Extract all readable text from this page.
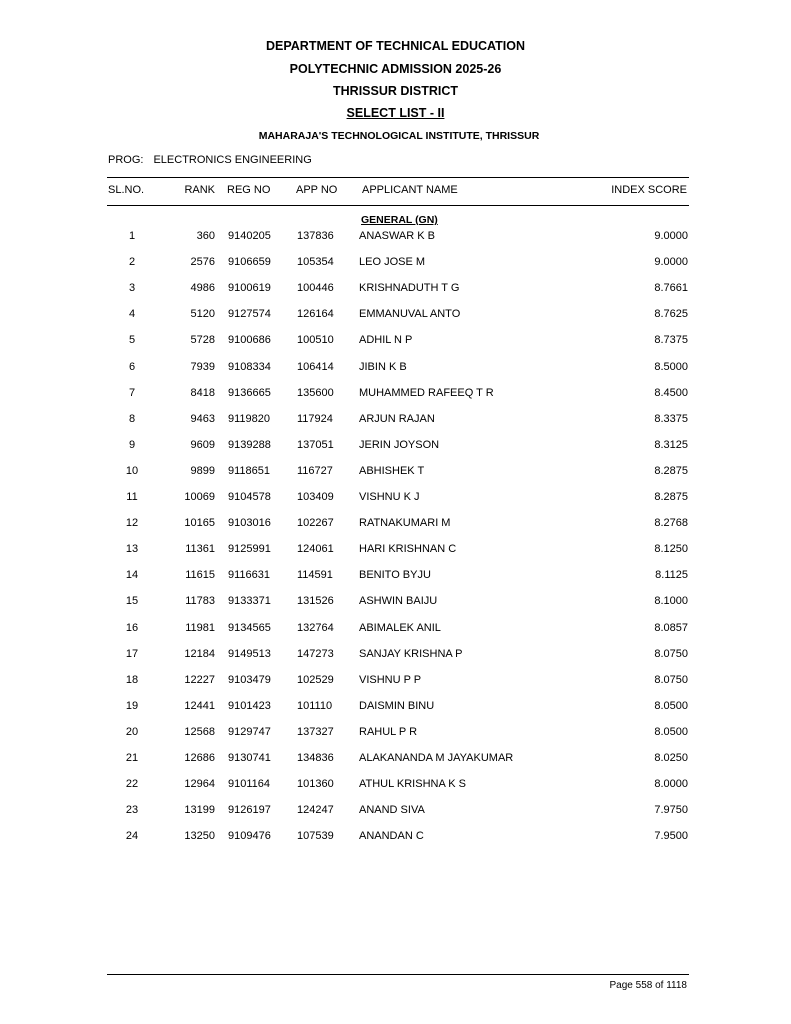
DEPARTMENT OF TECHNICAL EDUCATION
POLYTECHNIC ADMISSION 2025-26
THRISSUR DISTRICT
SELECT LIST - II
MAHARAJA'S TECHNOLOGICAL INSTITUTE, THRISSUR
PROG: ELECTRONICS ENGINEERING
SL.NO.	RANK REG NO APP NO APPLICANT NAME	INDEX SCORE
GENERAL (GN)
1	360 9140205 137836 ANASWAR K B	9.0000
2	2576 9106659 105354 LEO JOSE M	9.0000
3	4986 9100619 100446 KRISHNADUTH T G	8.7661
4	5120 9127574 126164 EMMANUVAL ANTO	8.7625
5	5728 9100686 100510 ADHIL N P	8.7375
6	7939 9108334 106414 JIBIN K B	8.5000
7	8418 9136665 135600 MUHAMMED RAFEEQ T R	8.4500
8	9463 9119820 117924 ARJUN RAJAN	8.3375
9	9609 9139288 137051 JERIN JOYSON	8.3125
10	9899 9118651 116727 ABHISHEK T	8.2875
11	10069 9104578 103409 VISHNU K J	8.2875
12	10165 9103016 102267 RATNAKUMARI M	8.2768
13	11361 9125991 124061 HARI KRISHNAN C	8.1250
14	11615 9116631 114591 BENITO BYJU	8.1125
15	11783 9133371 131526 ASHWIN BAIJU	8.1000
16	11981 9134565 132764 ABIMALEK ANIL	8.0857
17	12184 9149513 147273 SANJAY KRISHNA P	8.0750
18	12227 9103479 102529 VISHNU P P	8.0750
19	12441 9101423 101110 DAISMIN BINU	8.0500
20	12568 9129747 137327 RAHUL P R	8.0500
21	12686 9130741 134836 ALAKANANDA M JAYAKUMAR	8.0250
22	12964 9101164 101360 ATHUL KRISHNA K S	8.0000
23	13199 9126197 124247 ANAND SIVA	7.9750
24	13250 9109476 107539 ANANDAN C	7.9500
Page 558 of 1118
